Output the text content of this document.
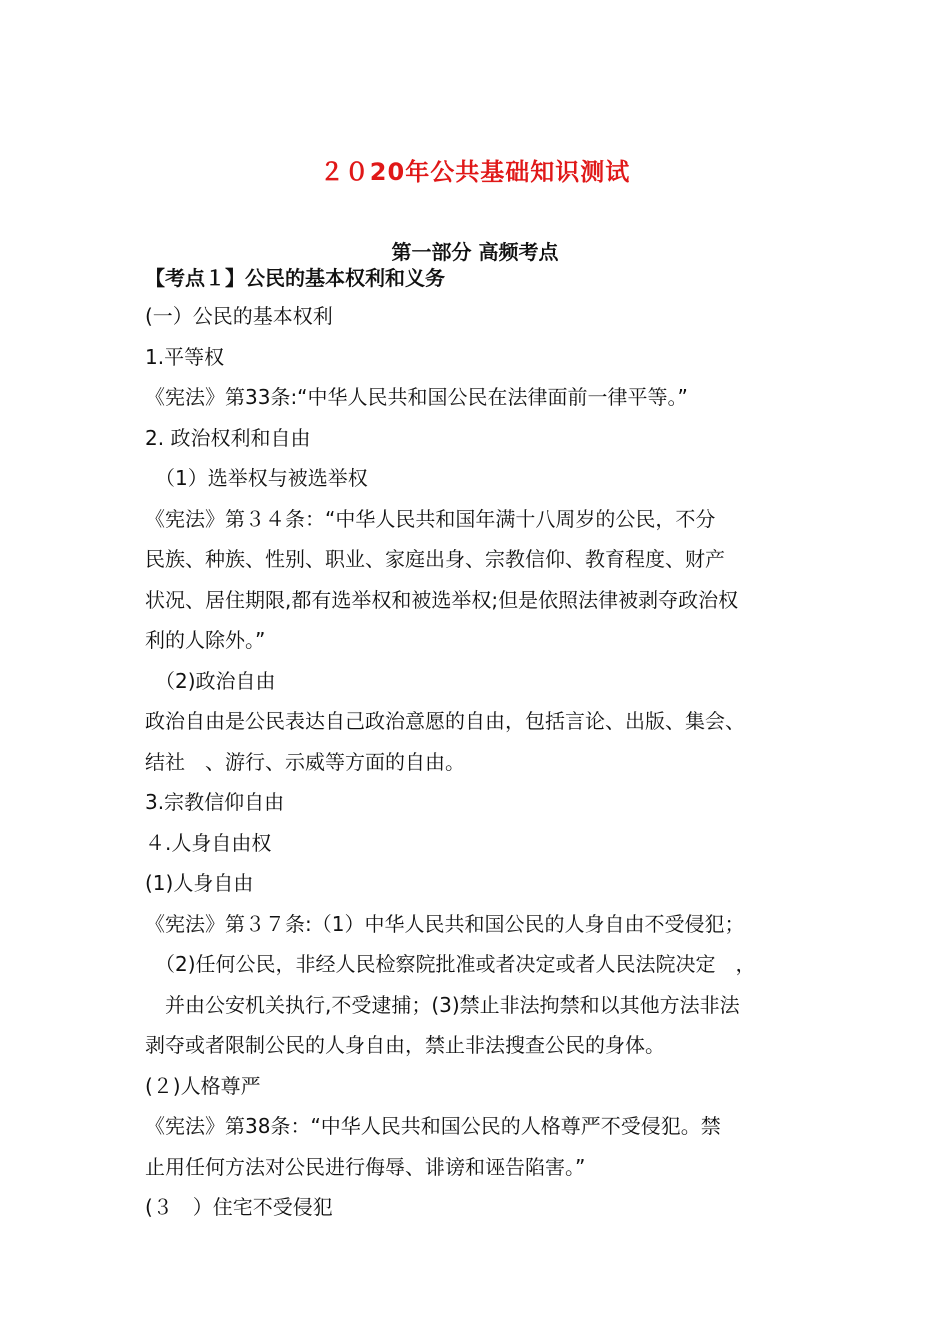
２０20年公共基础知识测试
第一部分 高频考点
【考点１】公民的基本权利和义务
(一）公民的基本权利
1.平等权
《宪法》第33条:“中华人民共和国公民在法律面前一律平等。”
2. 政治权利和自由
（1）选举权与被选举权
《宪法》第３４条：“中华人民共和国年满十八周岁的公民，不分
民族、种族、性别、职业、家庭出身、宗教信仰、教育程度、财产
状况、居住期限,都有选举权和被选举权;但是依照法律被剥夺政治权
利的人除外。”
（2)政治自由
政治自由是公民表达自己政治意愿的自由，包括言论、出版、集会、
结社　、游行、示威等方面的自由。
3.宗教信仰自由
４.人身自由权
(1)人身自由
《宪法》第３７条:（1）中华人民共和国公民的人身自由不受侵犯；
（2)任何公民，非经人民检察院批准或者决定或者人民法院决定　，
　并由公安机关执行,不受逮捕；(3)禁止非法拘禁和以其他方法非法
剥夺或者限制公民的人身自由，禁止非法搜查公民的身体。
(２)人格尊严
《宪法》第38条：“中华人民共和国公民的人格尊严不受侵犯。禁
止用任何方法对公民进行侮辱、诽谤和诬告陷害。”
(３　）住宅不受侵犯
